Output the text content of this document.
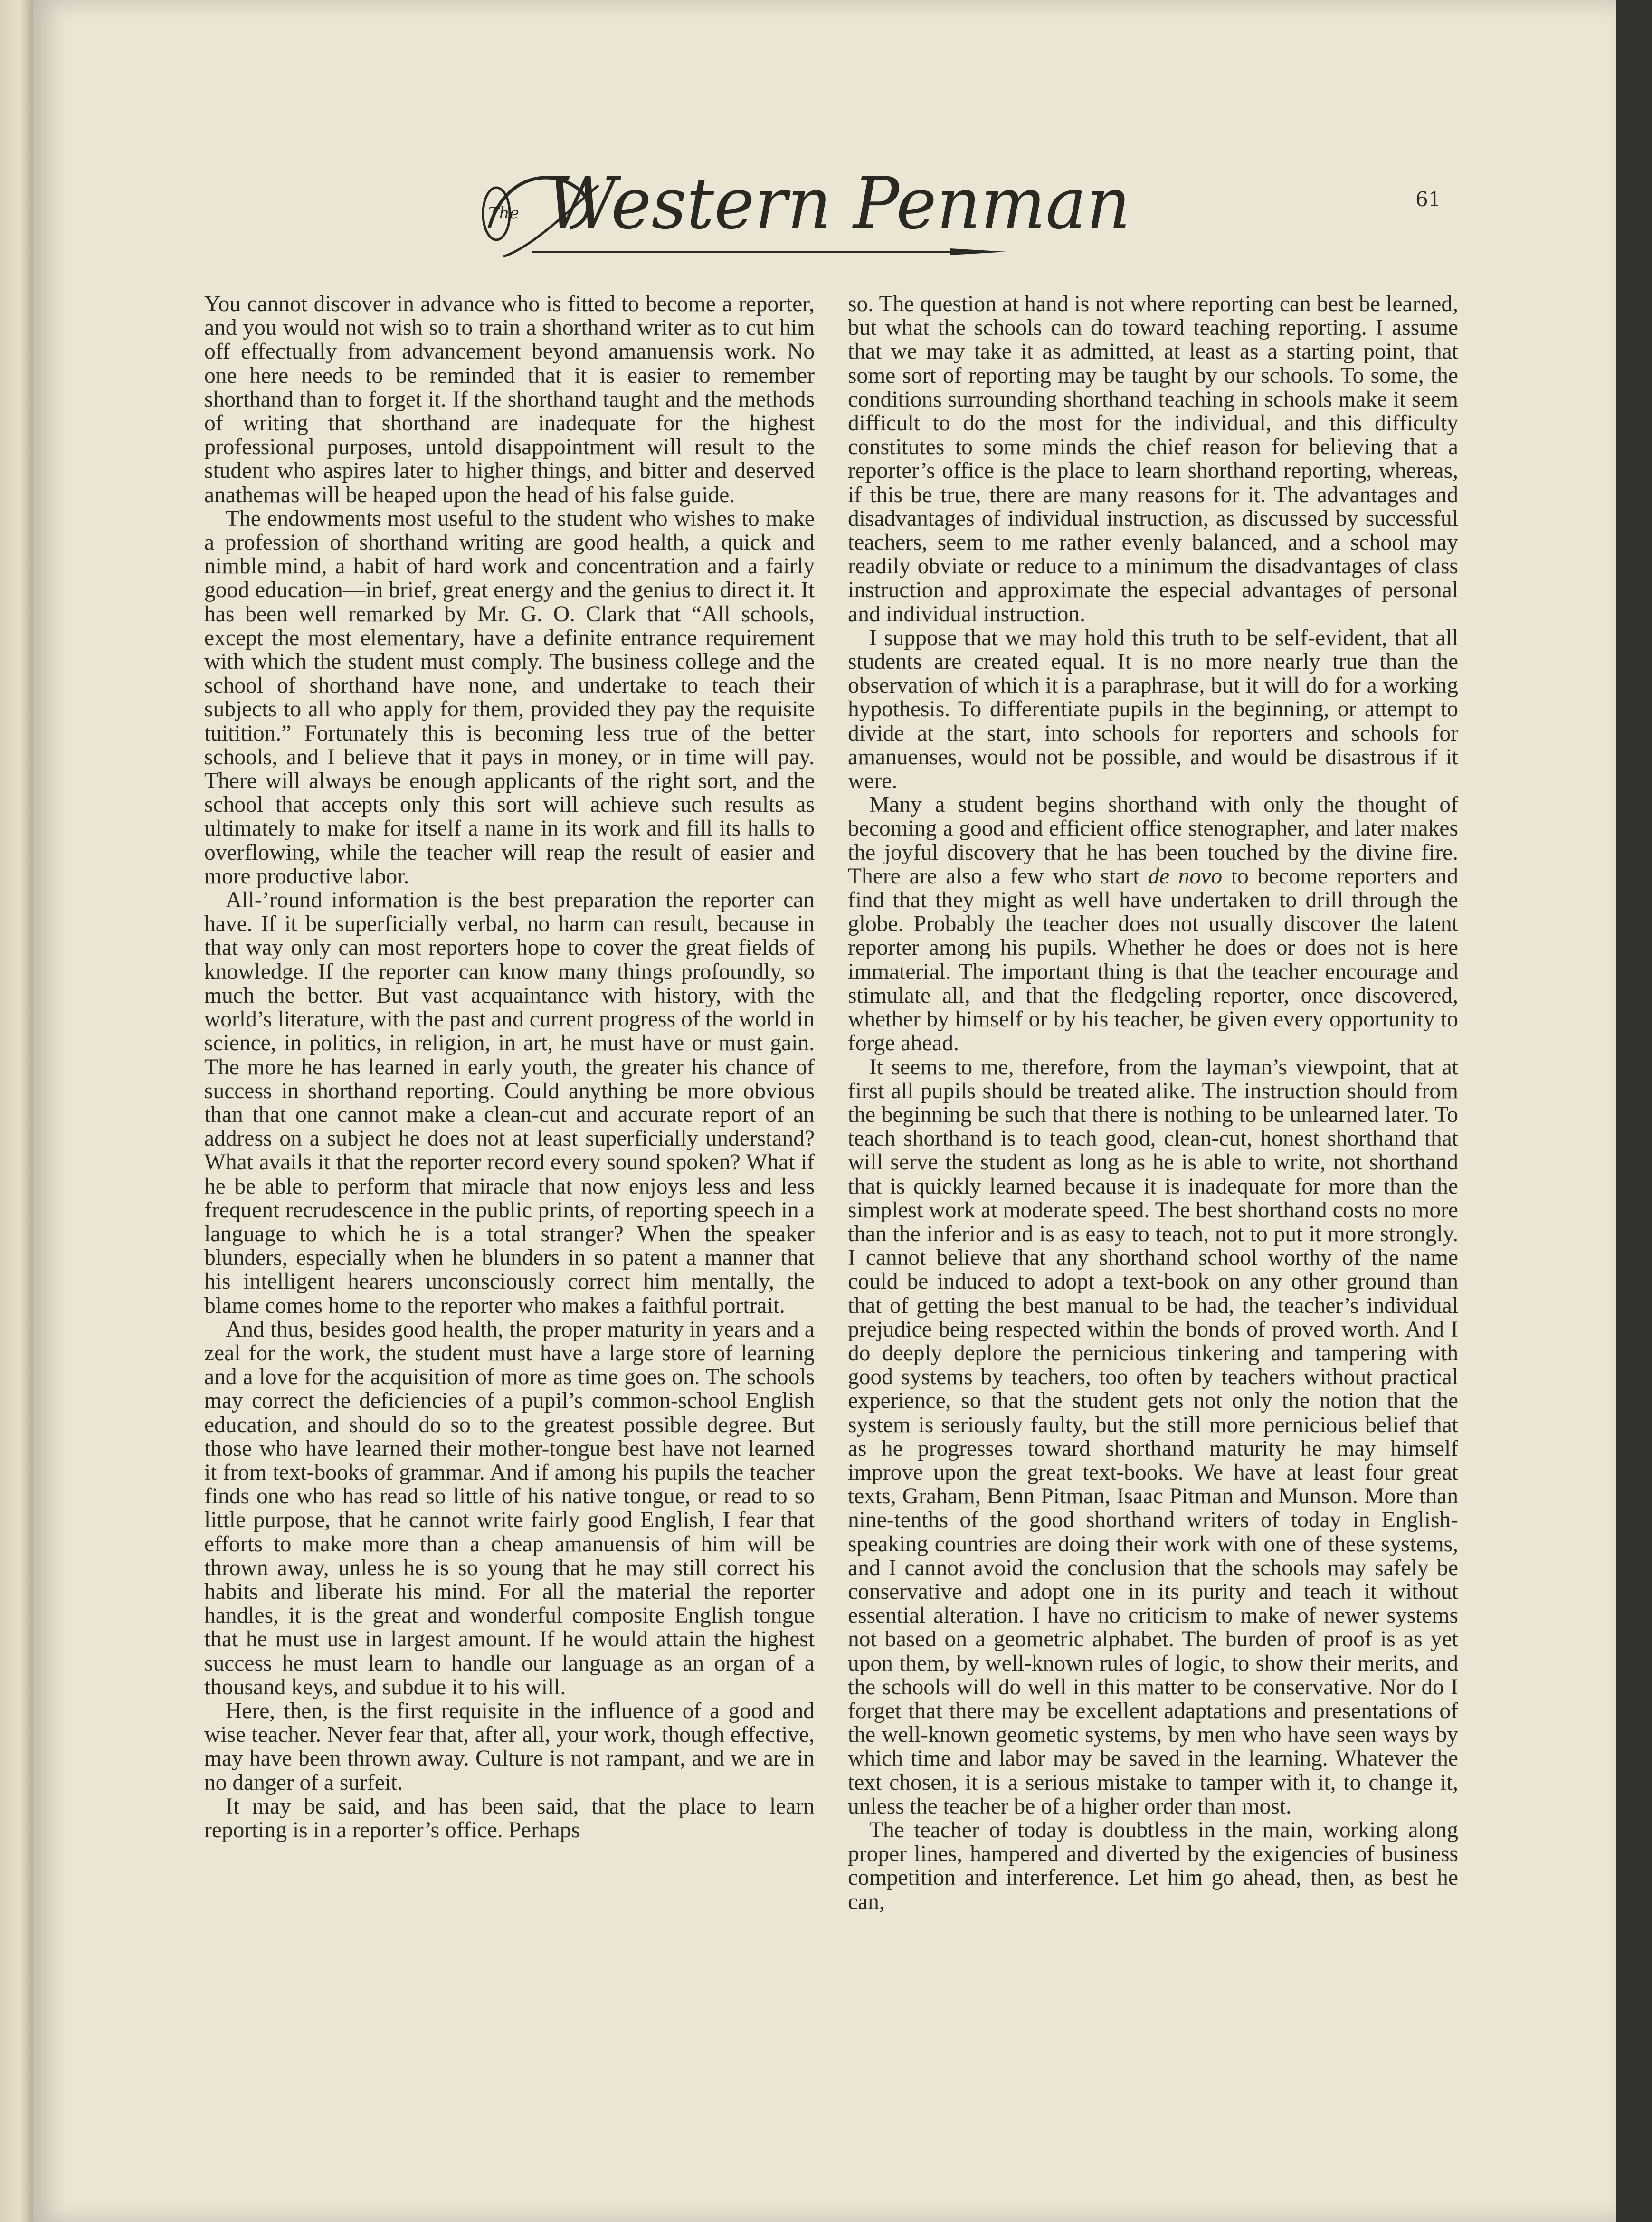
The Western Penman	61

You cannot discover in advance who is fitted to become a reporter, and you would not wish so to train a shorthand writer as to cut him off effectually from advancement beyond amanuensis work. No one here needs to be reminded that it is easier to remember shorthand than to forget it. If the shorthand taught and the methods of writing that shorthand are inadequate for the highest professional purposes, untold disappointment will result to the student who aspires later to higher things, and bitter and deserved anathemas will be heaped upon the head of his false guide.

The endowments most useful to the student who wishes to make a profession of shorthand writing are good health, a quick and nimble mind, a habit of hard work and concentration and a fairly good education—in brief, great energy and the genius to direct it. It has been well remarked by Mr. G. O. Clark that “All schools, except the most elementary, have a definite entrance requirement with which the student must comply. The business college and the school of shorthand have none, and undertake to teach their subjects to all who apply for them, provided they pay the requisite tuitition.” Fortunately this is becoming less true of the better schools, and I believe that it pays in money, or in time will pay. There will always be enough applicants of the right sort, and the school that accepts only this sort will achieve such results as ultimately to make for itself a name in its work and fill its halls to overflowing, while the teacher will reap the result of easier and more productive labor.

All-’round information is the best preparation the reporter can have. If it be superficially verbal, no harm can result, because in that way only can most reporters hope to cover the great fields of knowledge. If the reporter can know many things profoundly, so much the better. But vast acquaintance with history, with the world’s literature, with the past and current progress of the world in science, in politics, in religion, in art, he must have or must gain. The more he has learned in early youth, the greater his chance of success in shorthand reporting. Could anything be more obvious than that one cannot make a clean-cut and accurate report of an address on a subject he does not at least superficially understand? What avails it that the reporter record every sound spoken? What if he be able to perform that miracle that now enjoys less and less frequent recrudescence in the public prints, of reporting speech in a language to which he is a total stranger? When the speaker blunders, especially when he blunders in so patent a manner that his intelligent hearers unconsciously correct him mentally, the blame comes home to the reporter who makes a faithful portrait.

And thus, besides good health, the proper maturity in years and a zeal for the work, the student must have a large store of learning and a love for the acquisition of more as time goes on. The schools may correct the deficiencies of a pupil’s common-school English education, and should do so to the greatest possible degree. But those who have learned their mother-tongue best have not learned it from text-books of grammar. And if among his pupils the teacher finds one who has read so little of his native tongue, or read to so little purpose, that he cannot write fairly good English, I fear that efforts to make more than a cheap amanuensis of him will be thrown away, unless he is so young that he may still correct his habits and liberate his mind. For all the material the reporter handles, it is the great and wonderful composite English tongue that he must use in largest amount. If he would attain the highest success he must learn to handle our language as an organ of a thousand keys, and subdue it to his will.

Here, then, is the first requisite in the influence of a good and wise teacher. Never fear that, after all, your work, though effective, may have been thrown away. Culture is not rampant, and we are in no danger of a surfeit.

It may be said, and has been said, that the place to learn reporting is in a reporter’s office. Perhaps

so. The question at hand is not where reporting can best be learned, but what the schools can do toward teaching reporting. I assume that we may take it as admitted, at least as a starting point, that some sort of reporting may be taught by our schools. To some, the conditions surrounding shorthand teaching in schools make it seem difficult to do the most for the individual, and this difficulty constitutes to some minds the chief reason for believing that a reporter’s office is the place to learn shorthand reporting, whereas, if this be true, there are many reasons for it. The advantages and disadvantages of individual instruction, as discussed by successful teachers, seem to me rather evenly balanced, and a school may readily obviate or reduce to a minimum the disadvantages of class instruction and approximate the especial advantages of personal and individual instruction.

I suppose that we may hold this truth to be self-evident, that all students are created equal. It is no more nearly true than the observation of which it is a paraphrase, but it will do for a working hypothesis. To differentiate pupils in the beginning, or attempt to divide at the start, into schools for reporters and schools for amanuenses, would not be possible, and would be disastrous if it were.

Many a student begins shorthand with only the thought of becoming a good and efficient office stenographer, and later makes the joyful discovery that he has been touched by the divine fire. There are also a few who start de novo to become reporters and find that they might as well have undertaken to drill through the globe. Probably the teacher does not usually discover the latent reporter among his pupils. Whether he does or does not is here immaterial. The important thing is that the teacher encourage and stimulate all, and that the fledgeling reporter, once discovered, whether by himself or by his teacher, be given every opportunity to forge ahead.

It seems to me, therefore, from the layman’s viewpoint, that at first all pupils should be treated alike. The instruction should from the beginning be such that there is nothing to be unlearned later. To teach shorthand is to teach good, clean-cut, honest shorthand that will serve the student as long as he is able to write, not shorthand that is quickly learned because it is inadequate for more than the simplest work at moderate speed. The best shorthand costs no more than the inferior and is as easy to teach, not to put it more strongly. I cannot believe that any shorthand school worthy of the name could be induced to adopt a text-book on any other ground than that of getting the best manual to be had, the teacher’s individual prejudice being respected within the bonds of proved worth. And I do deeply deplore the pernicious tinkering and tampering with good systems by teachers, too often by teachers without practical experience, so that the student gets not only the notion that the system is seriously faulty, but the still more pernicious belief that as he progresses toward shorthand maturity he may himself improve upon the great text-books. We have at least four great texts, Graham, Benn Pitman, Isaac Pitman and Munson. More than nine-tenths of the good shorthand writers of today in English-speaking countries are doing their work with one of these systems, and I cannot avoid the conclusion that the schools may safely be conservative and adopt one in its purity and teach it without essential alteration. I have no criticism to make of newer systems not based on a geometric alphabet. The burden of proof is as yet upon them, by well-known rules of logic, to show their merits, and the schools will do well in this matter to be conservative. Nor do I forget that there may be excellent adaptations and presentations of the well-known geometic systems, by men who have seen ways by which time and labor may be saved in the learning. Whatever the text chosen, it is a serious mistake to tamper with it, to change it, unless the teacher be of a higher order than most.

The teacher of today is doubtless in the main, working along proper lines, hampered and diverted by the exigencies of business competition and interference. Let him go ahead, then, as best he can,
